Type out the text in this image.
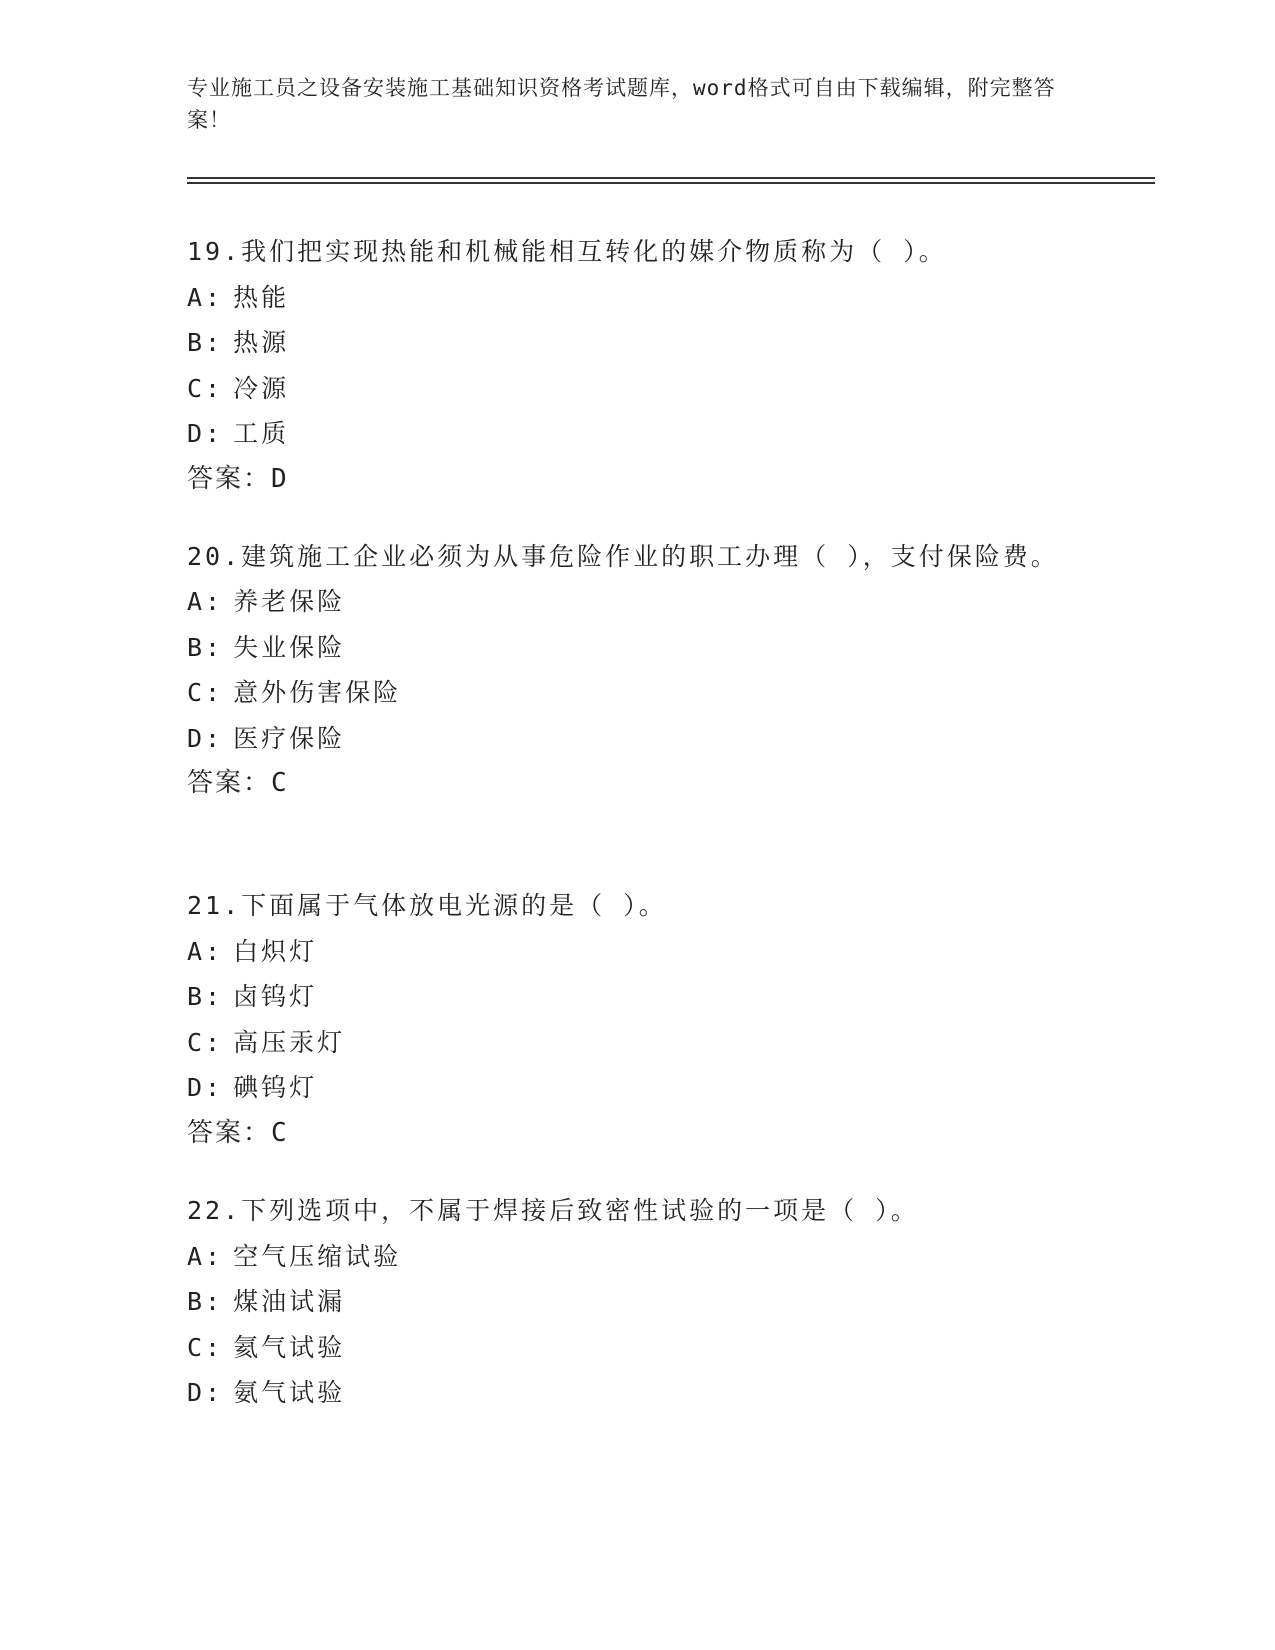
专业施工员之设备安装施工基础知识资格考试题库，word格式可自由下载编辑，附完整答案！
19.我们把实现热能和机械能相互转化的媒介物质称为（ ）。
A: 热能
B: 热源
C: 冷源
D: 工质
答案：D
20.建筑施工企业必须为从事危险作业的职工办理（ ），支付保险费。
A: 养老保险
B: 失业保险
C: 意外伤害保险
D: 医疗保险
答案：C
21.下面属于气体放电光源的是（ ）。
A: 白炽灯
B: 卤钨灯
C: 高压汞灯
D: 碘钨灯
答案：C
22.下列选项中，不属于焊接后致密性试验的一项是（ ）。
A: 空气压缩试验
B: 煤油试漏
C: 氦气试验
D: 氨气试验
